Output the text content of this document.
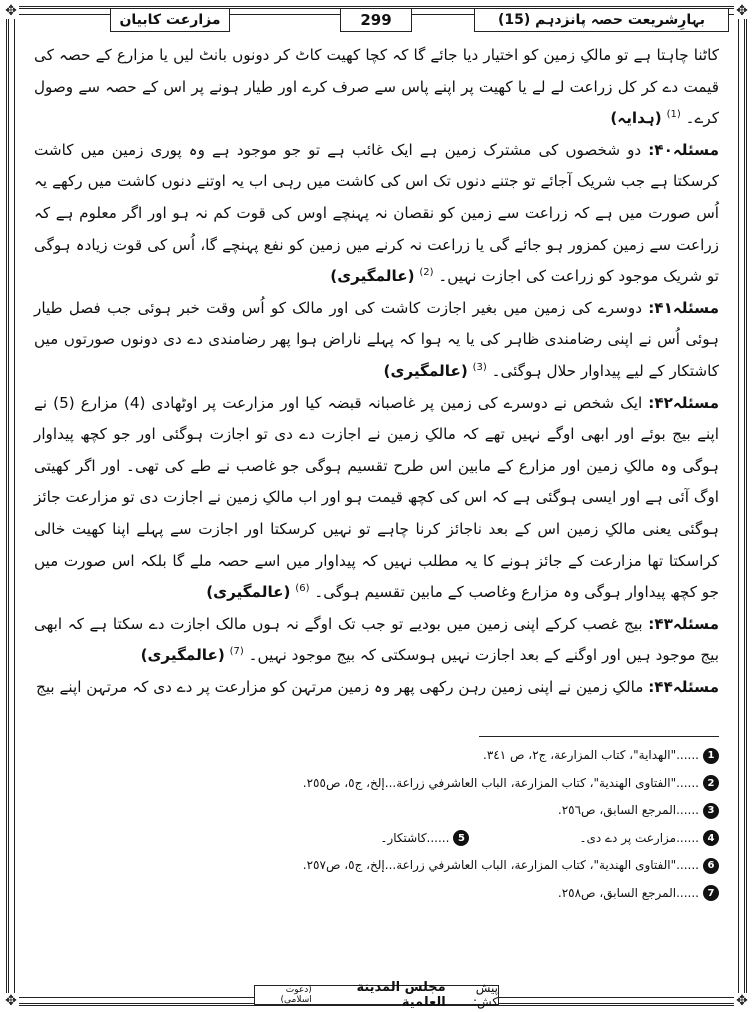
✥	✥
✥	✥
بہارِشریعت حصہ پانزدہم (15)
299
مزارعت کابیان

کاٹنا چاہتا ہے تو مالکِ زمین کو اختیار دیا جائے گا کہ کچا کھیت کاٹ کر دونوں بانٹ لیں یا مزارع کے حصہ کی قیمت دے کر کل زراعت لے لے یا کھیت پر اپنے پاس سے صرف کرے اور طیار ہونے پر اس کے حصہ سے وصول کرے۔ $^{(1)}$ (ہدایہ)

مسئلہ۴۰: دو شخصوں کی مشترک زمین ہے ایک غائب ہے تو جو موجود ہے وہ پوری زمین میں کاشت کرسکتا ہے جب شریک آجائے تو جتنے دنوں تک اس کی کاشت میں رہی اب یہ اوتنے دنوں کاشت میں رکھے یہ اُس صورت میں ہے کہ زراعت سے زمین کو نقصان نہ پہنچے اوس کی قوت کم نہ ہو اور اگر معلوم ہے کہ زراعت سے زمین کمزور ہو جائے گی یا زراعت نہ کرنے میں زمین کو نفع پہنچے گا، اُس کی قوت زیادہ ہوگی تو شریک موجود کو زراعت کی اجازت نہیں۔ $^{(2)}$ (عالمگیری)

مسئلہ۴۱: دوسرے کی زمین میں بغیر اجازت کاشت کی اور مالک کو اُس وقت خبر ہوئی جب فصل طیار ہوئی اُس نے اپنی رضامندی ظاہر کی یا یہ ہوا کہ پہلے ناراض ہوا پھر رضامندی دے دی دونوں صورتوں میں کاشتکار کے لیے پیداوار حلال ہوگئی۔ $^{(3)}$ (عالمگیری)

مسئلہ۴۲: ایک شخص نے دوسرے کی زمین پر غاصبانہ قبضہ کیا اور مزارعت پر اوٹھادی (4) مزارع (5) نے اپنے بیج بوئے اور ابھی اوگے نہیں تھے کہ مالکِ زمین نے اجازت دے دی تو اجازت ہوگئی اور جو کچھ پیداوار ہوگی وہ مالکِ زمین اور مزارع کے مابین اس طرح تقسیم ہوگی جو غاصب نے طے کی تھی۔ اور اگر کھیتی اوگ آئی ہے اور ایسی ہوگئی ہے کہ اس کی کچھ قیمت ہو اور اب مالکِ زمین نے اجازت دی تو مزارعت جائز ہوگئی یعنی مالکِ زمین اس کے بعد ناجائز کرنا چاہے تو نہیں کرسکتا اور اجازت سے پہلے اپنا کھیت خالی کراسکتا تھا مزارعت کے جائز ہونے کا یہ مطلب نہیں کہ پیداوار میں اسے حصہ ملے گا بلکہ اس صورت میں جو کچھ پیداوار ہوگی وہ مزارع وغاصب کے مابین تقسیم ہوگی۔ $^{(6)}$ (عالمگیری)

مسئلہ۴۳: بیج غصب کرکے اپنی زمین میں بودیے تو جب تک اوگے نہ ہوں مالک اجازت دے سکتا ہے کہ ابھی بیج موجود ہیں اور اوگنے کے بعد اجازت نہیں ہوسکتی کہ بیج موجود نہیں۔ $^{(7)}$ (عالمگیری)

مسئلہ۴۴: مالکِ زمین نے اپنی زمین رہن رکھی پھر وہ زمین مرتہن کو مزارعت پر دے دی کہ مرتہن اپنے بیج

1
......"الهداية"، كتاب المزارعة، ج٢، ص ٣٤١.
2
......"الفتاوى الهندية"، كتاب المزارعة، الباب العاشرفي زراعة...إلخ، ج٥، ص٢٥٥.
3
......المرجع السابق، ص٢٥٦.
4
......مزارعت پر دے دی۔
5
......کاشتکار۔
6
......"الفتاوى الهندية"، كتاب المزارعة، الباب العاشرفي زراعة...إلخ، ج٥، ص٢٥٧.
7
......المرجع السابق، ص٢٥٨.
پیش کش:
مجلس المدينة العلمية
(دعوت اسلامی)
